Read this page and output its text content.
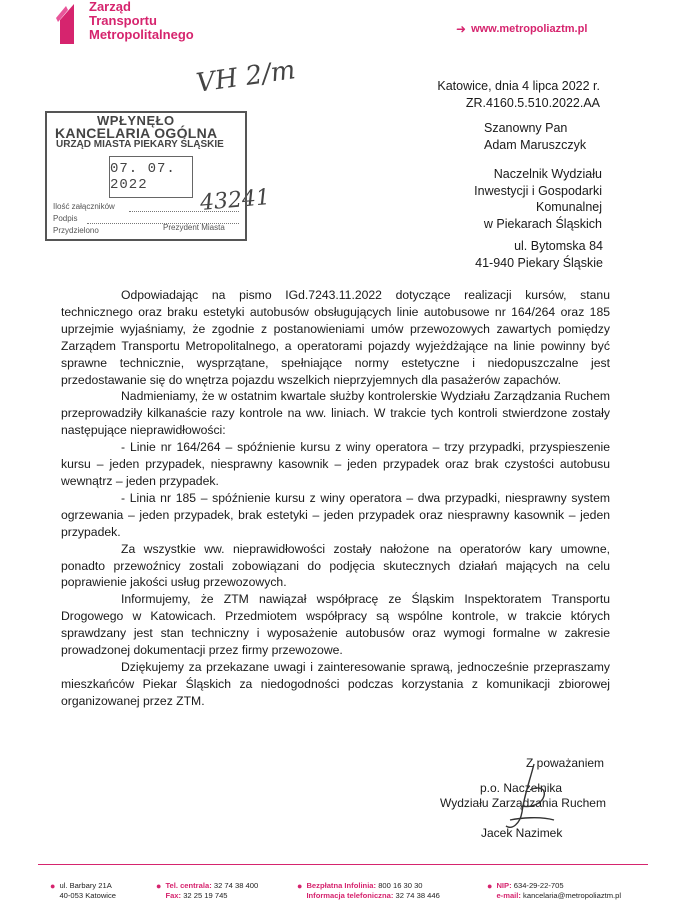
Zarząd
Transportu
Metropolitalnego	➜ www.metropoliaztm.pl
VH 2/m
43241
WPŁYNĘŁO
KANCELARIA OGÓLNA
URZĄD MIASTA PIEKARY ŚLĄSKIE
07. 07. 2022
Ilość załączników
Podpis
Przydzielono	Prezydent Miasta
Katowice, dnia 4 lipca 2022 r.
ZR.4160.5.510.2022.AA
Szanowny Pan
Adam Maruszczyk
Naczelnik Wydziału
Inwestycji i Gospodarki
Komunalnej
w Piekarach Śląskich
ul. Bytomska 84
41-940 Piekary Śląskie

Odpowiadając na pismo IGd.7243.11.2022 dotyczące realizacji kursów, stanu technicznego oraz braku estetyki autobusów obsługujących linie autobusowe nr 164/264 oraz 185 uprzejmie wyjaśniamy, że zgodnie z postanowieniami umów przewozowych zawartych pomiędzy Zarządem Transportu Metropolitalnego, a operatorami pojazdy wyjeżdżające na linie powinny być sprawne technicznie, wysprzątane, spełniające normy estetyczne i niedopuszczalne jest przedostawanie się do wnętrza pojazdu wszelkich nieprzyjemnych dla pasażerów zapachów.

Nadmieniamy, że w ostatnim kwartale służby kontrolerskie Wydziału Zarządzania Ruchem przeprowadziły kilkanaście razy kontrole na ww. liniach. W trakcie tych kontroli stwierdzone zostały następujące nieprawidłowości:

- Linie nr 164/264 – spóźnienie kursu z winy operatora – trzy przypadki, przyspieszenie kursu – jeden przypadek, niesprawny kasownik – jeden przypadek oraz brak czystości autobusu wewnątrz – jeden przypadek.

- Linia nr 185 – spóźnienie kursu z winy operatora – dwa przypadki, niesprawny system ogrzewania – jeden przypadek, brak estetyki – jeden przypadek oraz niesprawny kasownik – jeden przypadek.

Za wszystkie ww. nieprawidłowości zostały nałożone na operatorów kary umowne, ponadto przewoźnicy zostali zobowiązani do podjęcia skutecznych działań mających na celu poprawienie jakości usług przewozowych.

Informujemy, że ZTM nawiązał współpracę ze Śląskim Inspektoratem Transportu Drogowego w Katowicach. Przedmiotem współpracy są wspólne kontrole, w trakcie których sprawdzany jest stan techniczny i wyposażenie autobusów oraz wymogi formalne w zakresie prowadzonej dokumentacji przez firmy przewozowe.

Dziękujemy za przekazane uwagi i zainteresowanie sprawą, jednocześnie przepraszamy mieszkańców Piekar Śląskich za niedogodności podczas korzystania z komunikacji zbiorowej organizowanej przez ZTM.

Z poważaniem
p.o. Naczelnika
Wydziału Zarządzania Ruchem
Jacek Nazimek
● ul. Barbary 21A
40-053 Katowice
● Tel. centrala: 32 74 38 400
Fax: 32 25 19 745
● Bezpłatna Infolinia: 800 16 30 30
Informacja telefoniczna: 32 74 38 446
● NIP: 634-29-22-705
e-mail: kancelaria@metropoliaztm.pl
